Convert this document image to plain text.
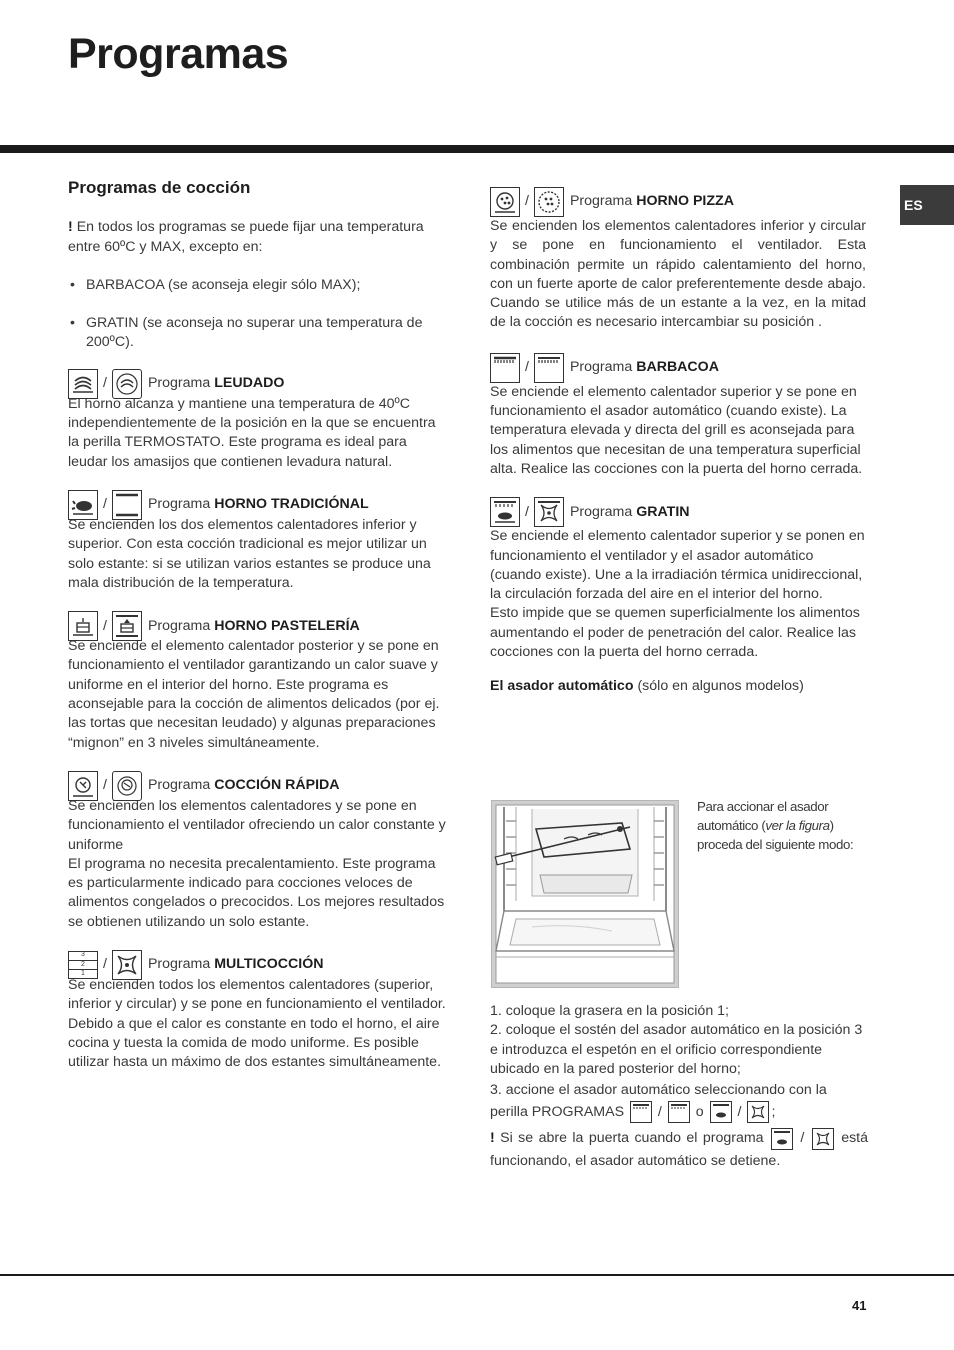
Programas
ES

Programas de cocción

! En todos los programas se puede fijar una temperatura

entre 60ºC y MAX, excepto en:

• BARBACOA (se aconseja elegir sólo MAX);

• GRATIN (se aconseja no superar una temperatura de 200ºC).

/	Programa LEUDADO

El horno alcanza y mantiene una temperatura de 40ºC independientemente de la posición en la que se encuentra la perilla TERMOSTATO. Este programa es ideal para leudar los amasijos que contienen levadura natural.

/	Programa HORNO TRADICIÓNAL

Se encienden los dos elementos calentadores inferior y superior. Con esta cocción tradicional es mejor utilizar un solo estante: si se utilizan varios estantes se produce una mala distribución de la temperatura.

/	Programa HORNO PASTELERÍA

Se enciende el elemento calentador posterior y se pone en funcionamiento el ventilador garantizando un calor suave y uniforme en el interior del horno. Este programa es aconsejable para la cocción de alimentos delicados (por ej. las tortas que necesitan leudado) y algunas preparaciones “mignon” en 3 niveles simultáneamente.

/	Programa COCCIÓN RÁPIDA

Se encienden los elementos calentadores y se pone en funcionamiento el ventilador ofreciendo un calor constante y uniforme
El programa no necesita precalentamiento. Este programa es particularmente indicado para cocciones veloces de alimentos congelados o precocidos. Los mejores resultados se obtienen utilizando un solo estante.

3
2
1
/	Programa MULTICOCCIÓN

Se encienden todos los elementos calentadores (superior, inferior y circular) y se pone en funcionamiento el ventilador. Debido a que el calor es constante en todo el horno, el aire cocina y tuesta la comida de modo uniforme. Es posible utilizar hasta un máximo de dos estantes simultáneamente.

/	Programa HORNO PIZZA

Se encienden los elementos calentadores inferior y circular y se pone en funcionamiento el ventilador. Esta combinación permite un rápido calentamiento del horno, con un fuerte aporte de calor preferentemente desde abajo. Cuando se utilice más de un estante a la vez, en la mitad de la cocción es necesario intercambiar su posición .

/	Programa BARBACOA

Se enciende el elemento calentador superior y se pone en funcionamiento el asador automático (cuando existe). La temperatura elevada y directa del grill es aconsejada para los alimentos que necesitan de una temperatura superficial alta. Realice las cocciones con la puerta del horno cerrada.

/	Programa GRATIN

Se enciende el elemento calentador superior y se ponen en funcionamiento el ventilador y el asador automático (cuando existe). Une a la irradiación térmica unidireccional, la circulación forzada del aire en el interior del horno.
Esto impide que se quemen superficialmente los alimentos aumentando el poder de penetración del calor. Realice las cocciones con la puerta del horno cerrada.

El asador automático (sólo en algunos modelos)

Para accionar el asador automático (ver la figura) proceda del siguiente modo:

1. coloque la grasera en la posición 1;

2. coloque el sostén del asador automático en la posición 3 e introduzca el espetón en el orificio correspondiente ubicado en la pared posterior del horno;

3. accione el asador automático seleccionando con la perilla PROGRAMAS
/
o
/
;

! Si se abre la puerta cuando el programa
/
está funcionando, el asador automático se detiene.

41
